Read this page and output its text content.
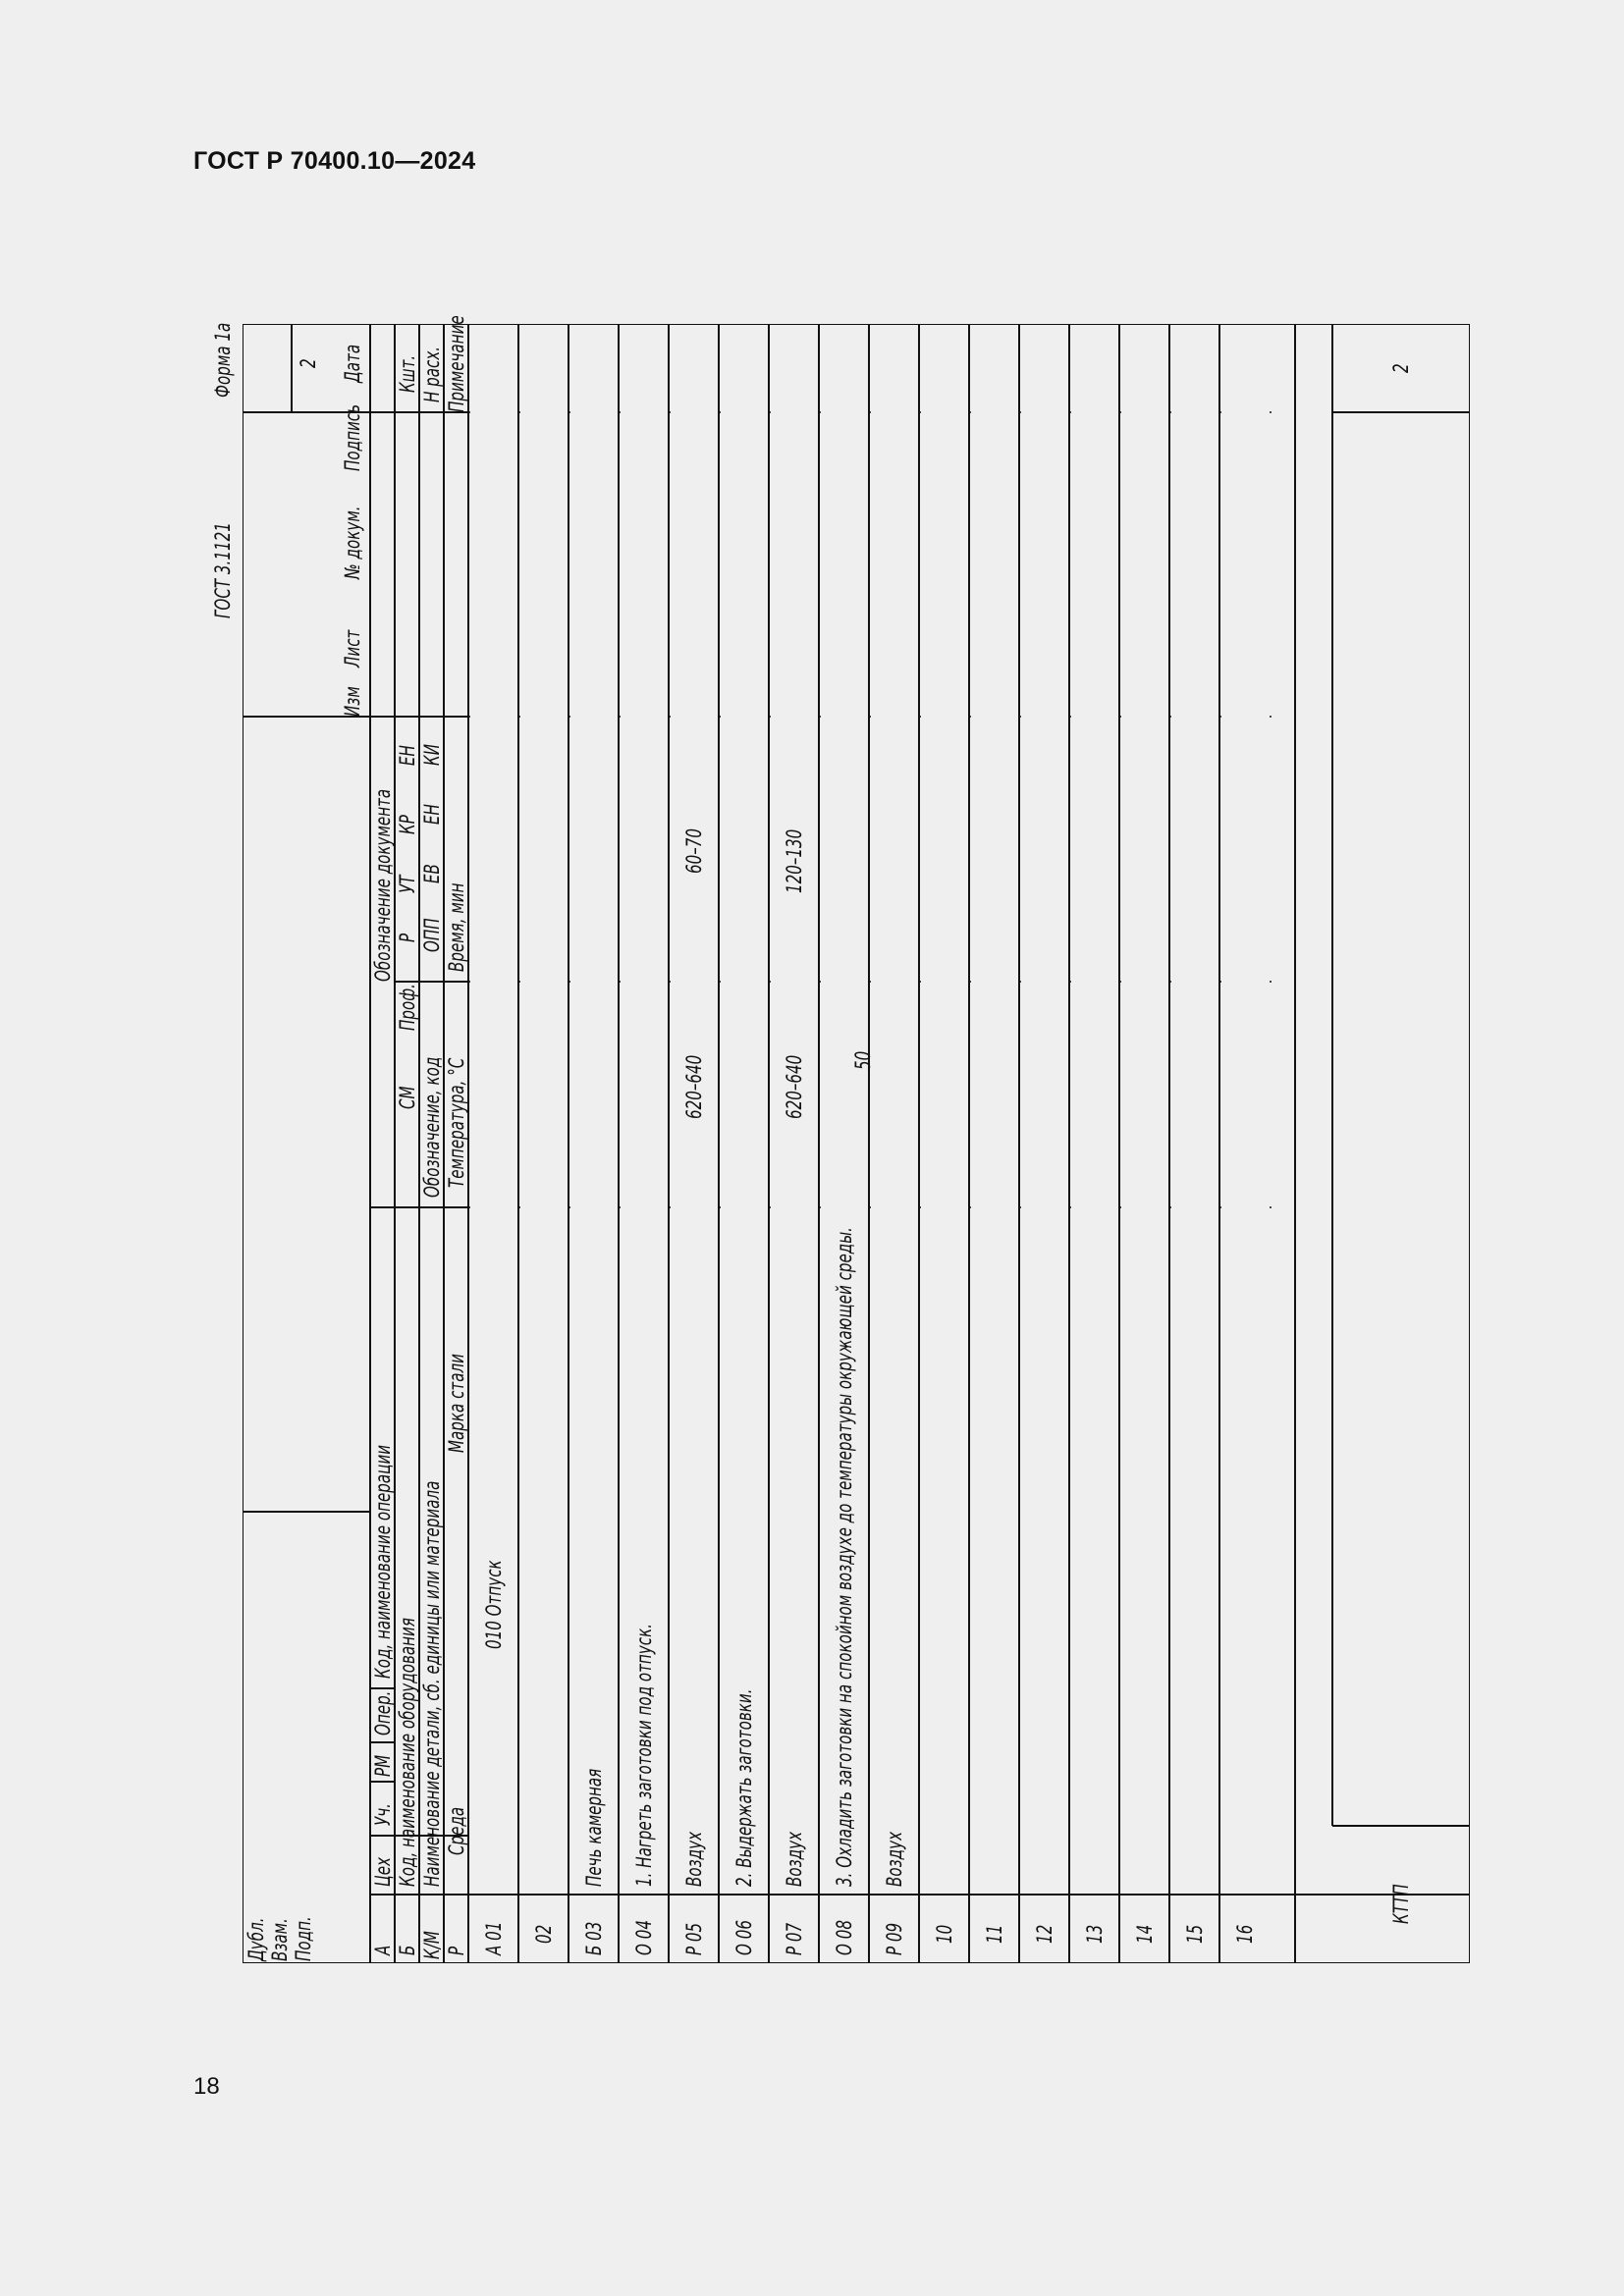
ГОСТ Р 70400.10—2024
18
ГОСТ 3.1121
Форма 1а	2
Изм
Лист
№ докум.
Подпись
Дата
Дубл. Взам. Подп.	А
Цех
Уч.
РМ
Опер.
Код, наименование операции
Обозначение документа
Б
Код, наименование оборудования
СМ
Проф.
Р
УТ
КР
ЕН
Кшт.
К/М
Наименование детали, сб. единицы или материала
Обозначение, код
ОПП
ЕВ
ЕН
КИ
Н расх.
Р
Среда
Марка стали
Температура, °С
Время, мин
Примечание
А 01
010 Отпуск
02 Б 03
Печь камерная
О 04
1. Нагреть заготовки под отпуск.
Р 05
Воздух
620–640
60–70
О 06
2. Выдержать заготовки.
Р 07
Воздух
620–640
120–130
О 08
3. Охладить заготовки на спокойном воздухе до температуры окружающей среды.
Р 09
Воздух
50
10 11 12 13 14 15 16
КТТП
2
